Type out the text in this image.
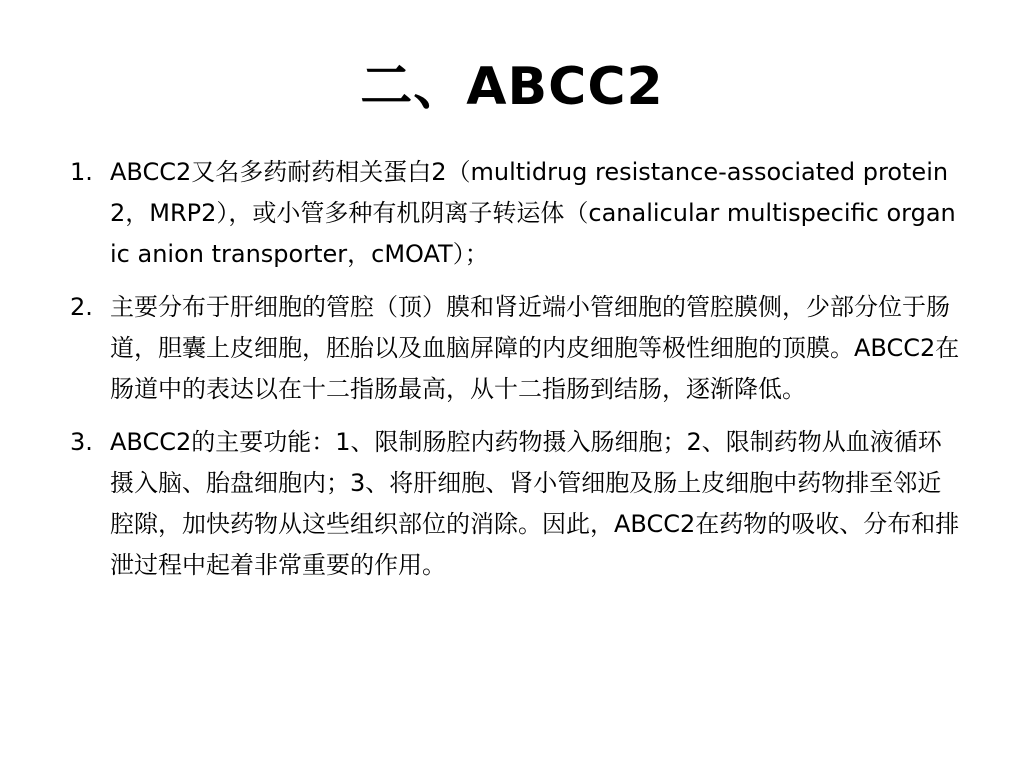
二、ABCC2
1. ABCC2又名多药耐药相关蛋白2（multidrug resistance-associated protein 2，MRP2），或小管多种有机阴离子转运体（canalicular multispecific organic anion transporter，cMOAT）；
2. 主要分布于肝细胞的管腔（顶）膜和肾近端小管细胞的管腔膜侧，少部分位于肠道，胆囊上皮细胞，胚胎以及血脑屏障的内皮细胞等极性细胞的顶膜。ABCC2在肠道中的表达以在十二指肠最高，从十二指肠到结肠，逐渐降低。
3. ABCC2的主要功能：1、限制肠腔内药物摄入肠细胞；2、限制药物从血液循环摄入脑、胎盘细胞内；3、将肝细胞、肾小管细胞及肠上皮细胞中药物排至邻近腔隙，加快药物从这些组织部位的消除。因此，ABCC2在药物的吸收、分布和排泄过程中起着非常重要的作用。
